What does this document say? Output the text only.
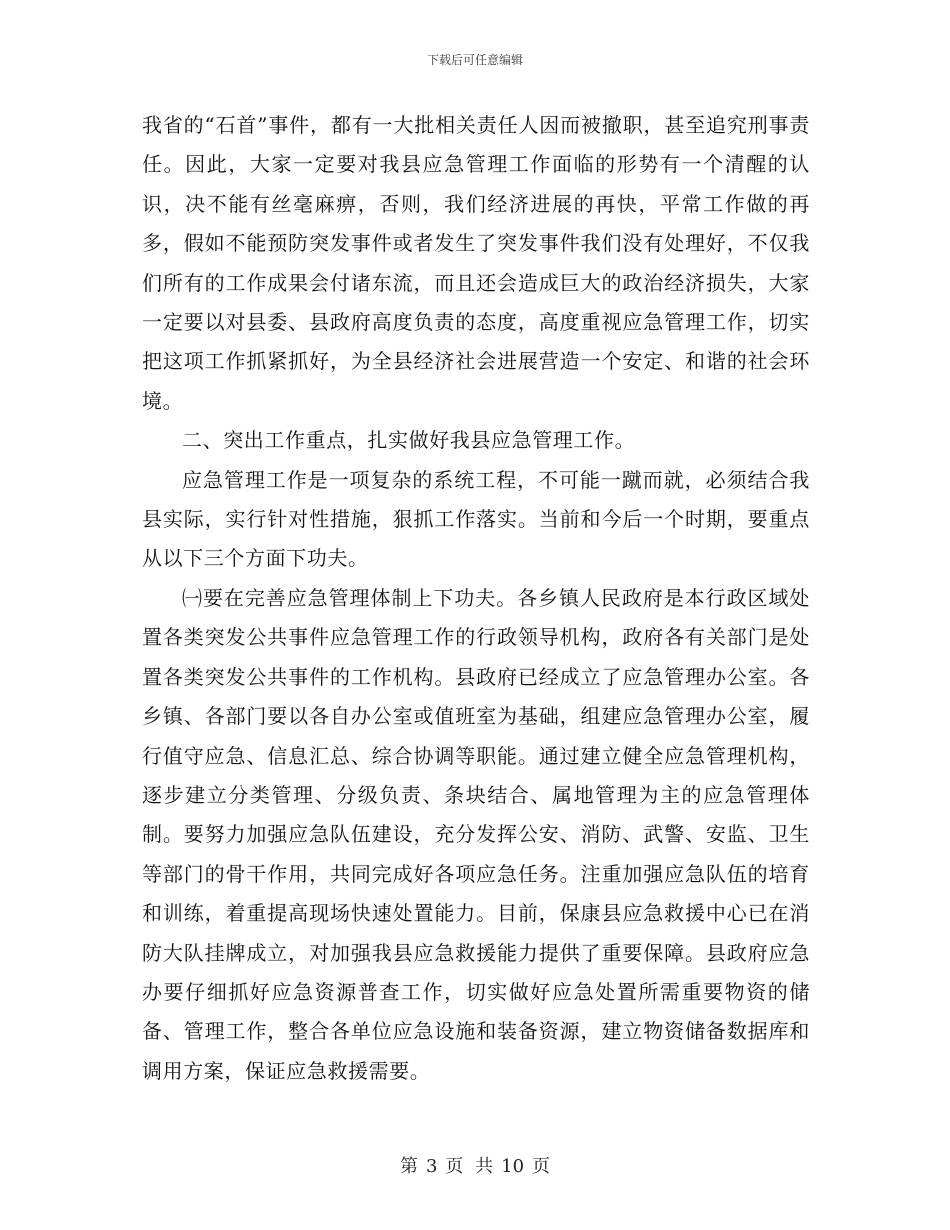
下载后可任意编辑

我省的“石首”事件，都有一大批相关责任人因而被撤职，甚至追究刑事责任。因此，大家一定要对我县应急管理工作面临的形势有一个清醒的认识，决不能有丝毫麻痹，否则，我们经济进展的再快，平常工作做的再多，假如不能预防突发事件或者发生了突发事件我们没有处理好，不仅我们所有的工作成果会付诸东流，而且还会造成巨大的政治经济损失，大家一定要以对县委、县政府高度负责的态度，高度重视应急管理工作，切实把这项工作抓紧抓好，为全县经济社会进展营造一个安定、和谐的社会环境。

二、突出工作重点，扎实做好我县应急管理工作。

应急管理工作是一项复杂的系统工程，不可能一蹴而就，必须结合我县实际，实行针对性措施，狠抓工作落实。当前和今后一个时期，要重点从以下三个方面下功夫。

㈠要在完善应急管理体制上下功夫。各乡镇人民政府是本行政区域处置各类突发公共事件应急管理工作的行政领导机构，政府各有关部门是处置各类突发公共事件的工作机构。县政府已经成立了应急管理办公室。各乡镇、各部门要以各自办公室或值班室为基础，组建应急管理办公室，履行值守应急、信息汇总、综合协调等职能。通过建立健全应急管理机构，逐步建立分类管理、分级负责、条块结合、属地管理为主的应急管理体制。要努力加强应急队伍建设，充分发挥公安、消防、武警、安监、卫生等部门的骨干作用，共同完成好各项应急任务。注重加强应急队伍的培育和训练，着重提高现场快速处置能力。目前，保康县应急救援中心已在消防大队挂牌成立，对加强我县应急救援能力提供了重要保障。县政府应急办要仔细抓好应急资源普查工作，切实做好应急处置所需重要物资的储备、管理工作，整合各单位应急设施和装备资源，建立物资储备数据库和调用方案，保证应急救援需要。

第 3 页 共 10 页
